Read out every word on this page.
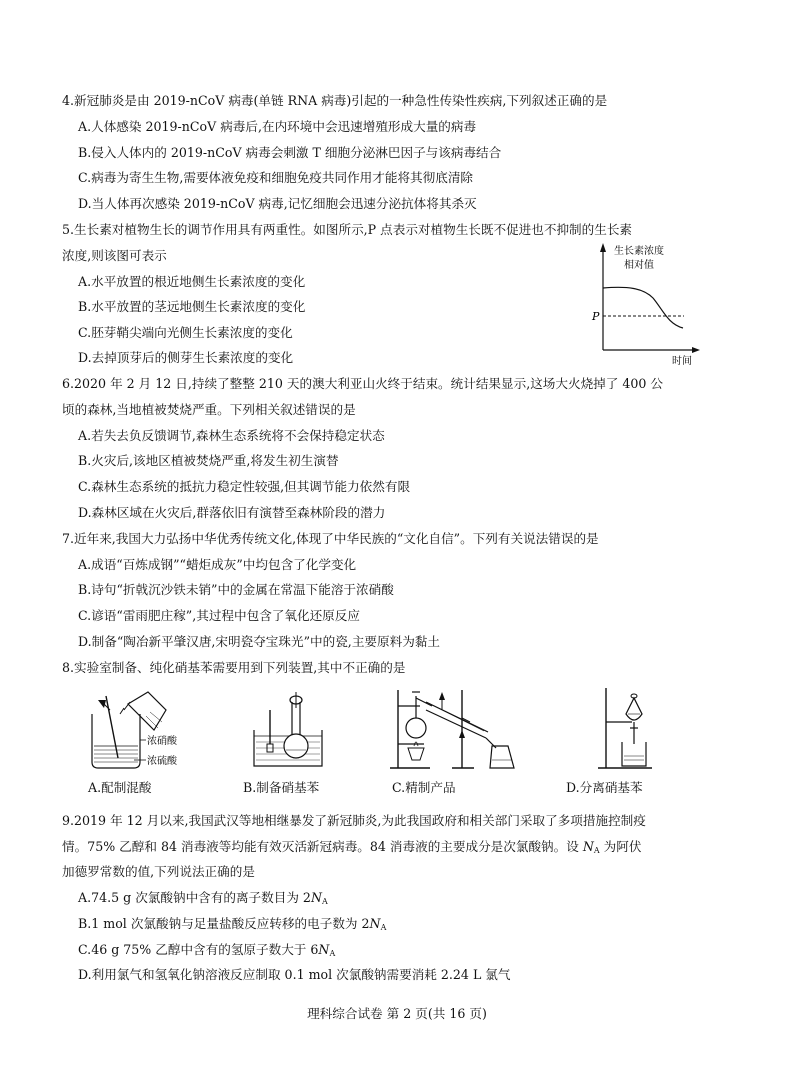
4.新冠肺炎是由 2019-nCoV 病毒(单链 RNA 病毒)引起的一种急性传染性疾病,下列叙述正确的是
A.人体感染 2019-nCoV 病毒后,在内环境中会迅速增殖形成大量的病毒
B.侵入人体内的 2019-nCoV 病毒会刺激 T 细胞分泌淋巴因子与该病毒结合
C.病毒为寄生生物,需要体液免疫和细胞免疫共同作用才能将其彻底清除
D.当人体再次感染 2019-nCoV 病毒,记忆细胞会迅速分泌抗体将其杀灭
5.生长素对植物生长的调节作用具有两重性。如图所示,P 点表示对植物生长既不促进也不抑制的生长素
浓度,则该图可表示
A.水平放置的根近地侧生长素浓度的变化
B.水平放置的茎远地侧生长素浓度的变化
C.胚芽鞘尖端向光侧生长素浓度的变化
D.去掉顶芽后的侧芽生长素浓度的变化
生长素浓度
相对值
P
时间
6.2020 年 2 月 12 日,持续了整整 210 天的澳大利亚山火终于结束。统计结果显示,这场大火烧掉了 400 公
顷的森林,当地植被焚烧严重。下列相关叙述错误的是
A.若失去负反馈调节,森林生态系统将不会保持稳定状态
B.火灾后,该地区植被焚烧严重,将发生初生演替
C.森林生态系统的抵抗力稳定性较强,但其调节能力依然有限
D.森林区域在火灾后,群落依旧有演替至森林阶段的潜力
7.近年来,我国大力弘扬中华优秀传统文化,体现了中华民族的“文化自信”。下列有关说法错误的是
A.成语“百炼成钢”“蜡炬成灰”中均包含了化学变化
B.诗句“折戟沉沙铁未销”中的金属在常温下能溶于浓硝酸
C.谚语“雷雨肥庄稼”,其过程中包含了氧化还原反应
D.制备“陶冶新平肇汉唐,宋明瓷夺宝珠光”中的瓷,主要原料为黏土
8.实验室制备、纯化硝基苯需要用到下列装置,其中不正确的是
浓硝酸
浓硫酸
A.配制混酸	B.制备硝基苯	C.精制产品	D.分离硝基苯
9.2019 年 12 月以来,我国武汉等地相继暴发了新冠肺炎,为此我国政府和相关部门采取了多项措施控制疫
情。75% 乙醇和 84 消毒液等均能有效灭活新冠病毒。84 消毒液的主要成分是次氯酸钠。设 $N_A$ 为阿伏
加德罗常数的值,下列说法正确的是
A.74.5 g 次氯酸钠中含有的离子数目为 $2N_A$
B.1 mol 次氯酸钠与足量盐酸反应转移的电子数为 $2N_A$
C.46 g 75% 乙醇中含有的氢原子数大于 $6N_A$
D.利用氯气和氢氧化钠溶液反应制取 0.1 mol 次氯酸钠需要消耗 2.24 L 氯气
理科综合试卷 第 2 页(共 16 页)
